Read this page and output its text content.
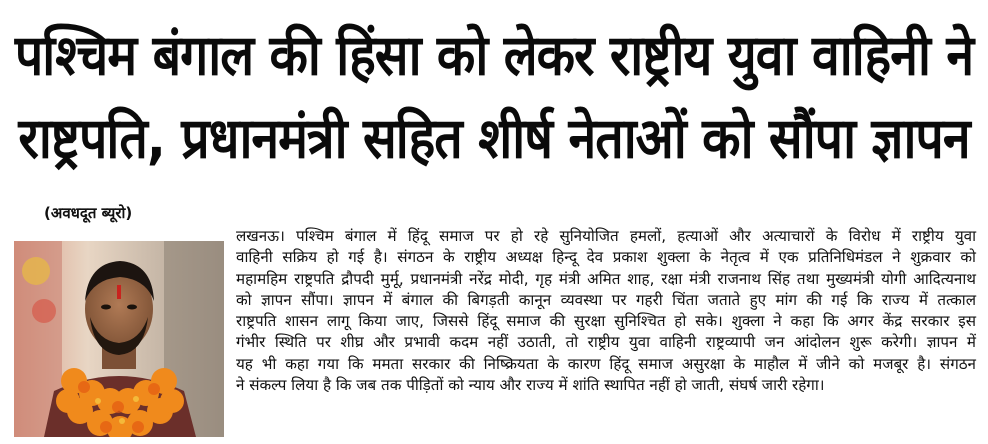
पश्चिम बंगाल की हिंसा को लेकर राष्ट्रीय युवा वाहिनी ने
राष्ट्रपति, प्रधानमंत्री सहित शीर्ष नेताओं को सौंपा ज्ञापन
(अवधदूत ब्यूरो)
लखनऊ। पश्चिम बंगाल में हिंदू समाज पर हो रहे सुनियोजित हमलों, हत्याओं और अत्याचारों के विरोध में राष्ट्रीय युवा
वाहिनी सक्रिय हो गई है। संगठन के राष्ट्रीय अध्यक्ष हिन्दू देव प्रकाश शुक्ला के नेतृत्व में एक प्रतिनिधिमंडल ने शुक्रवार को
महामहिम राष्ट्रपति द्रौपदी मुर्मू, प्रधानमंत्री नरेंद्र मोदी, गृह मंत्री अमित शाह, रक्षा मंत्री राजनाथ सिंह तथा मुख्यमंत्री योगी आदित्यनाथ
को ज्ञापन सौंपा। ज्ञापन में बंगाल की बिगड़ती कानून व्यवस्था पर गहरी चिंता जताते हुए मांग की गई कि राज्य में तत्काल
राष्ट्रपति शासन लागू किया जाए, जिससे हिंदू समाज की सुरक्षा सुनिश्चित हो सके। शुक्ला ने कहा कि अगर केंद्र सरकार इस
गंभीर स्थिति पर शीघ्र और प्रभावी कदम नहीं उठाती, तो राष्ट्रीय युवा वाहिनी राष्ट्रव्यापी जन आंदोलन शुरू करेगी। ज्ञापन में
यह भी कहा गया कि ममता सरकार की निष्क्रियता के कारण हिंदू समाज असुरक्षा के माहौल में जीने को मजबूर है। संगठन
ने संकल्प लिया है कि जब तक पीड़ितों को न्याय और राज्य में शांति स्थापित नहीं हो जाती, संघर्ष जारी रहेगा।
